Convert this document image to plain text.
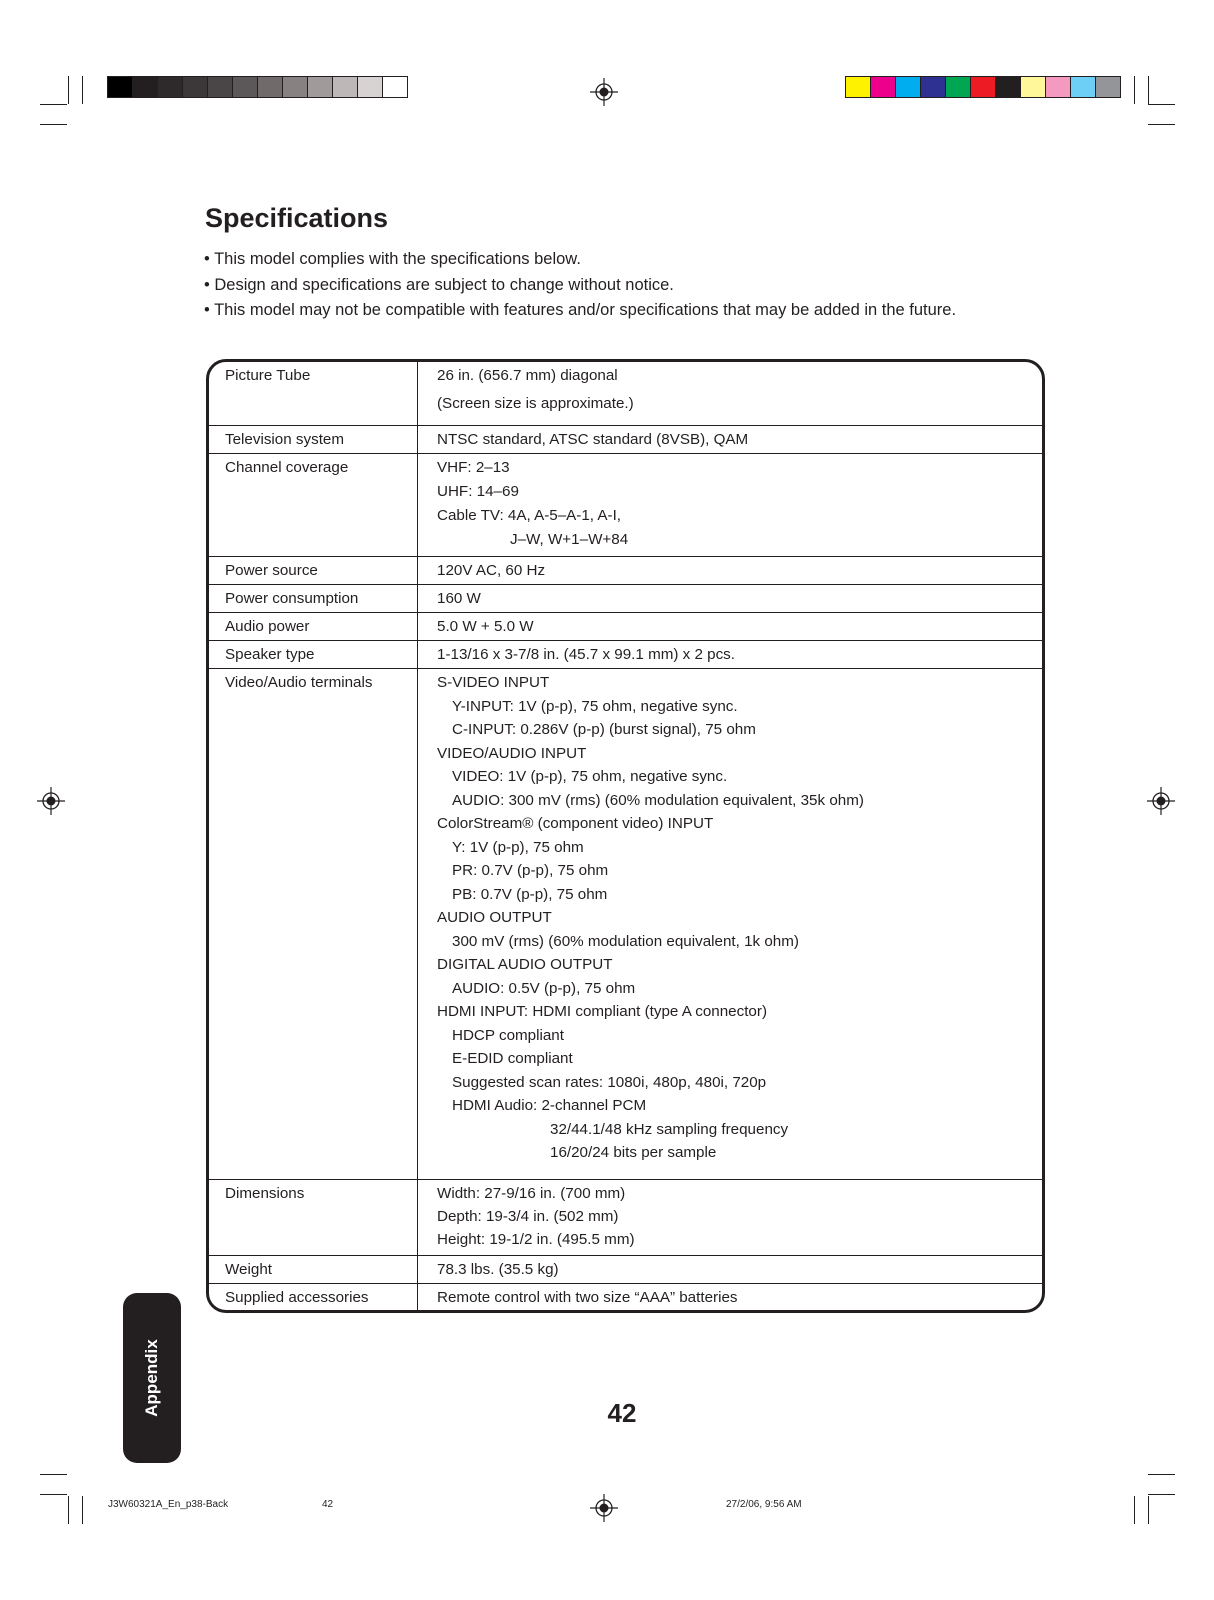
Specifications
• This model complies with the specifications below.
• Design and specifications are subject to change without notice.
• This model may not be compatible with features and/or specifications that may be added in the future.
Picture Tube	26 in. (656.7 mm) diagonal
(Screen size is approximate.)
Television system	NTSC standard, ATSC standard (8VSB), QAM
Channel coverage	VHF: 2–13
UHF: 14–69
Cable TV: 4A, A-5–A-1, A-I,
J–W, W+1–W+84
Power source	120V AC, 60 Hz
Power consumption	160 W
Audio power	5.0 W + 5.0 W
Speaker type	1-13/16 x 3-7/8 in. (45.7 x 99.1 mm) x 2 pcs.
Video/Audio terminals	S-VIDEO INPUT
Y-INPUT: 1V (p-p), 75 ohm, negative sync.
C-INPUT: 0.286V (p-p) (burst signal), 75 ohm
VIDEO/AUDIO INPUT
VIDEO: 1V (p-p), 75 ohm, negative sync.
AUDIO: 300 mV (rms) (60% modulation equivalent, 35k ohm)
ColorStream® (component video) INPUT
Y: 1V (p-p), 75 ohm
PR: 0.7V (p-p), 75 ohm
PB: 0.7V (p-p), 75 ohm
AUDIO OUTPUT
300 mV (rms) (60% modulation equivalent, 1k ohm)
DIGITAL AUDIO OUTPUT
AUDIO: 0.5V (p-p), 75 ohm
HDMI INPUT: HDMI compliant (type A connector)
HDCP compliant
E-EDID compliant
Suggested scan rates: 1080i, 480p, 480i, 720p
HDMI Audio: 2-channel PCM
32/44.1/48 kHz sampling frequency
16/20/24 bits per sample
Dimensions	Width: 27-9/16 in. (700 mm)
Depth: 19-3/4 in. (502 mm)
Height: 19-1/2 in. (495.5 mm)
Weight	78.3 lbs. (35.5 kg)
Supplied accessories	Remote control with two size “AAA” batteries
Appendix	42
J3W60321A_En_p38-Back	42	27/2/06, 9:56 AM
